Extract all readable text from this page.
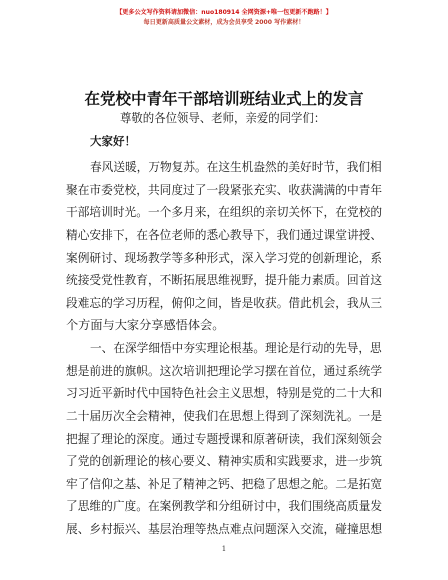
【更多公文写作资料请加微信：nuo180914 全网资源+唯一包更新不跑路！】
每日更新高质量公文素材，成为会员享受 2000 写作素材！
在党校中青年干部培训班结业式上的发言
尊敬的各位领导、老师，亲爱的同学们：
大家好！
春风送暖，万物复苏。在这生机盎然的美好时节，我们相
聚在市委党校，共同度过了一段紧张充实、收获满满的中青年
干部培训时光。一个多月来，在组织的亲切关怀下，在党校的
精心安排下，在各位老师的悉心教导下，我们通过课堂讲授、
案例研讨、现场教学等多种形式，深入学习党的创新理论，系
统接受党性教育，不断拓展思维视野，提升能力素质。回首这
段难忘的学习历程，俯仰之间，皆是收获。借此机会，我从三
个方面与大家分享感悟体会。
一、在深学细悟中夯实理论根基。理论是行动的先导，思
想是前进的旗帜。这次培训把理论学习摆在首位，通过系统学
习习近平新时代中国特色社会主义思想，特别是党的二十大和
二十届历次全会精神，使我们在思想上得到了深刻洗礼。一是
把握了理论的深度。通过专题授课和原著研读，我们深刻领会
了党的创新理论的核心要义、精神实质和实践要求，进一步筑
牢了信仰之基、补足了精神之钙、把稳了思想之舵。二是拓宽
了思维的广度。在案例教学和分组研讨中，我们围绕高质量发
展、乡村振兴、基层治理等热点难点问题深入交流，碰撞思想
1
